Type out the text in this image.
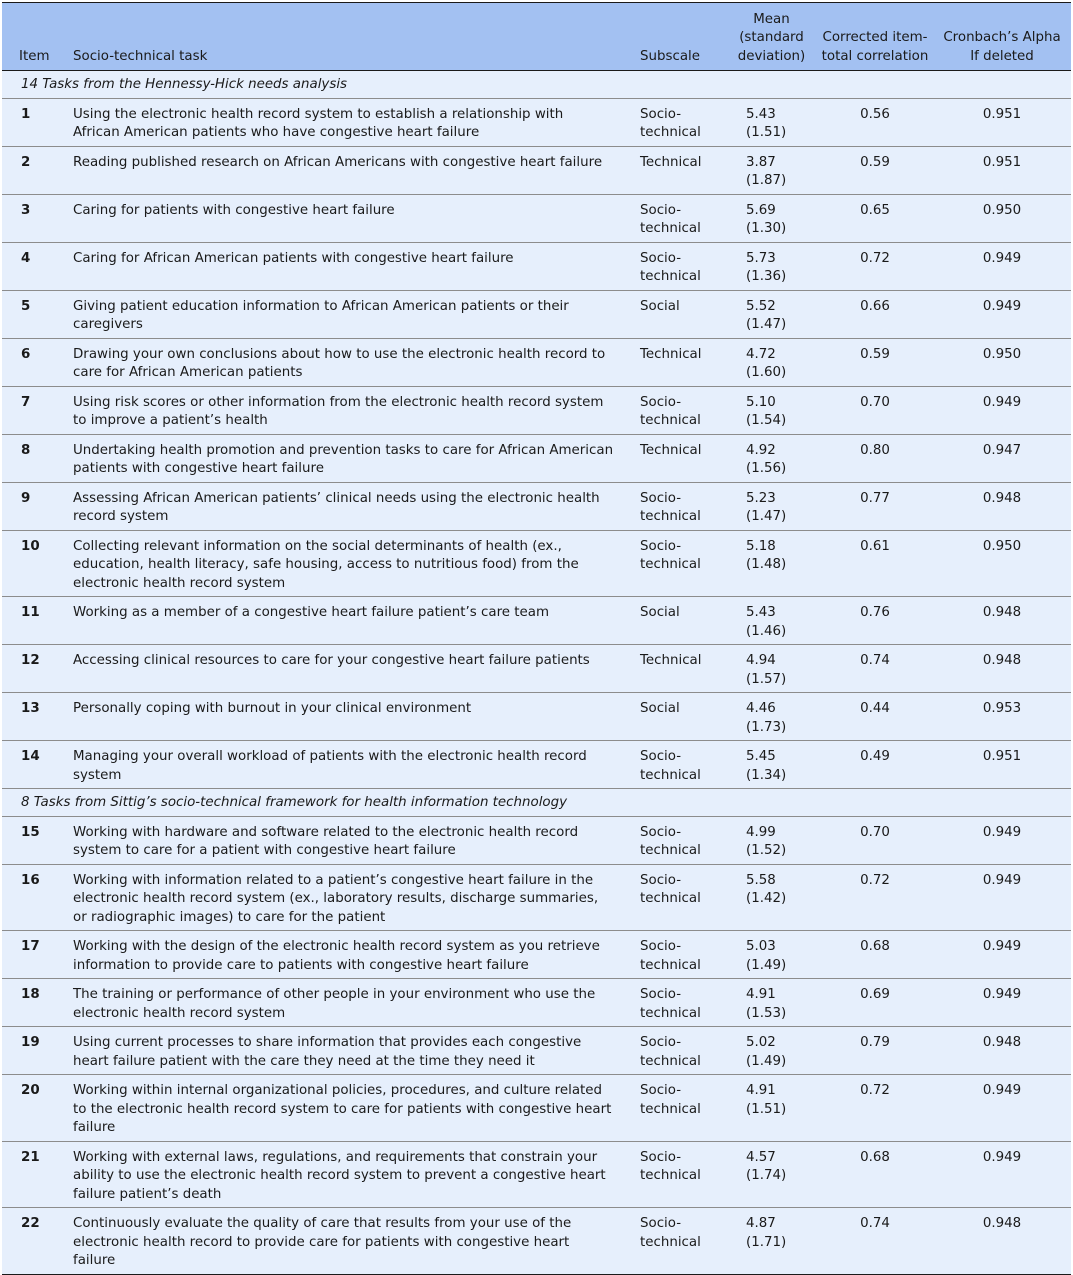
Item	Socio-technical task	Subscale	Mean (standard deviation)	Corrected item-total correlation	Cronbach’s Alpha If deleted
14 Tasks from the Hennessy-Hick needs analysis					
1	Using the electronic health record system to establish a relationship with African American patients who have congestive heart failure	Socio-technical	5.43 (1.51)	0.56	0.951
2	Reading published research on African Americans with congestive heart failure	Technical	3.87 (1.87)	0.59	0.951
3	Caring for patients with congestive heart failure	Socio-technical	5.69 (1.30)	0.65	0.950
4	Caring for African American patients with congestive heart failure	Socio-technical	5.73 (1.36)	0.72	0.949
5	Giving patient education information to African American patients or their caregivers	Social	5.52 (1.47)	0.66	0.949
6	Drawing your own conclusions about how to use the electronic health record to care for African American patients	Technical	4.72 (1.60)	0.59	0.950
7	Using risk scores or other information from the electronic health record system to improve a patient’s health	Socio-technical	5.10 (1.54)	0.70	0.949
8	Undertaking health promotion and prevention tasks to care for African American patients with congestive heart failure	Technical	4.92 (1.56)	0.80	0.947
9	Assessing African American patients’ clinical needs using the electronic health record system	Socio-technical	5.23 (1.47)	0.77	0.948
10	Collecting relevant information on the social determinants of health (ex., education, health literacy, safe housing, access to nutritious food) from the electronic health record system	Socio-technical	5.18 (1.48)	0.61	0.950
11	Working as a member of a congestive heart failure patient’s care team	Social	5.43 (1.46)	0.76	0.948
12	Accessing clinical resources to care for your congestive heart failure patients	Technical	4.94 (1.57)	0.74	0.948
13	Personally coping with burnout in your clinical environment	Social	4.46 (1.73)	0.44	0.953
14	Managing your overall workload of patients with the electronic health record system	Socio-technical	5.45 (1.34)	0.49	0.951
8 Tasks from Sittig’s socio-technical framework for health information technology					
15	Working with hardware and software related to the electronic health record system to care for a patient with congestive heart failure	Socio-technical	4.99 (1.52)	0.70	0.949
16	Working with information related to a patient’s congestive heart failure in the electronic health record system (ex., laboratory results, discharge summaries, or radiographic images) to care for the patient	Socio-technical	5.58 (1.42)	0.72	0.949
17	Working with the design of the electronic health record system as you retrieve information to provide care to patients with congestive heart failure	Socio-technical	5.03 (1.49)	0.68	0.949
18	The training or performance of other people in your environment who use the electronic health record system	Socio-technical	4.91 (1.53)	0.69	0.949
19	Using current processes to share information that provides each congestive heart failure patient with the care they need at the time they need it	Socio-technical	5.02 (1.49)	0.79	0.948
20	Working within internal organizational policies, procedures, and culture related to the electronic health record system to care for patients with congestive heart failure	Socio-technical	4.91 (1.51)	0.72	0.949
21	Working with external laws, regulations, and requirements that constrain your ability to use the electronic health record system to prevent a congestive heart failure patient’s death	Socio-technical	4.57 (1.74)	0.68	0.949
22	Continuously evaluate the quality of care that results from your use of the electronic health record to provide care for patients with congestive heart failure	Socio-technical	4.87 (1.71)	0.74	0.948
